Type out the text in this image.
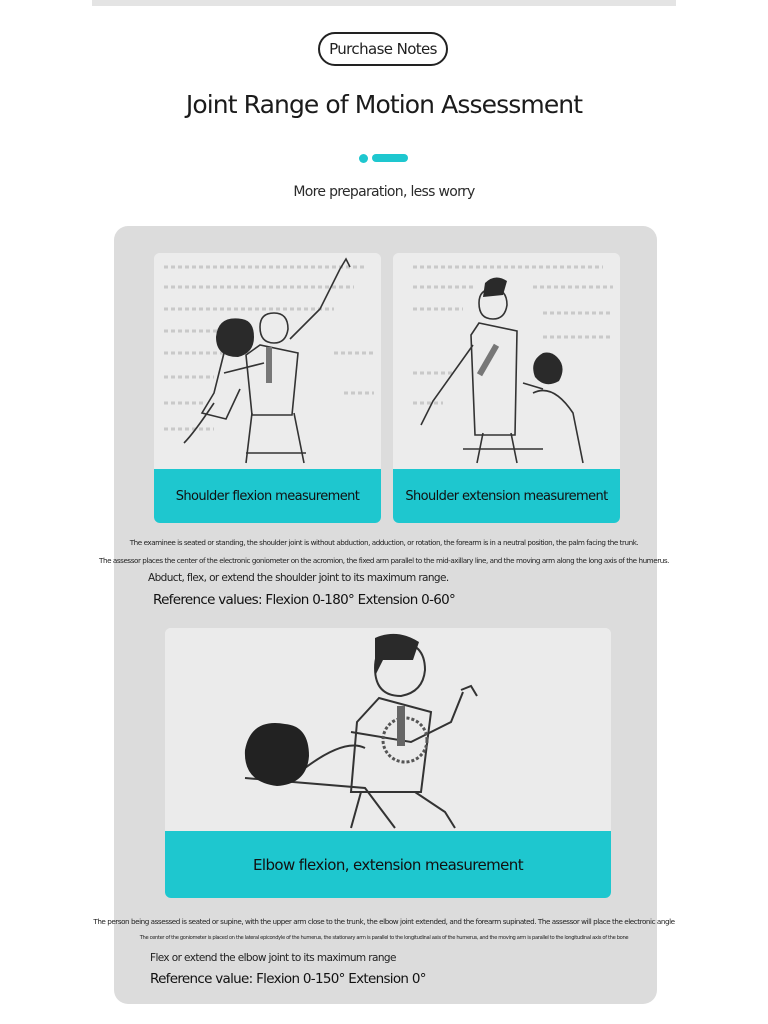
Purchase Notes
Joint Range of Motion Assessment
More preparation, less worry
Shoulder flexion measurement	Shoulder extension measurement
The examinee is seated or standing, the shoulder joint is without abduction, adduction, or rotation, the forearm is in a neutral position, the palm facing the trunk.
The assessor places the center of the electronic goniometer on the acromion, the fixed arm parallel to the mid-axillary line, and the moving arm along the long axis of the humerus.
Abduct, flex, or extend the shoulder joint to its maximum range.
Reference values: Flexion 0-180° Extension 0-60°
Elbow flexion, extension measurement
The person being assessed is seated or supine, with the upper arm close to the trunk, the elbow joint extended, and the forearm supinated. The assessor will place the electronic angle
The center of the goniometer is placed on the lateral epicondyle of the humerus, the stationary arm is parallel to the longitudinal axis of the humerus, and the moving arm is parallel to the longitudinal axis of the bone
Flex or extend the elbow joint to its maximum range
Reference value: Flexion 0-150° Extension 0°
